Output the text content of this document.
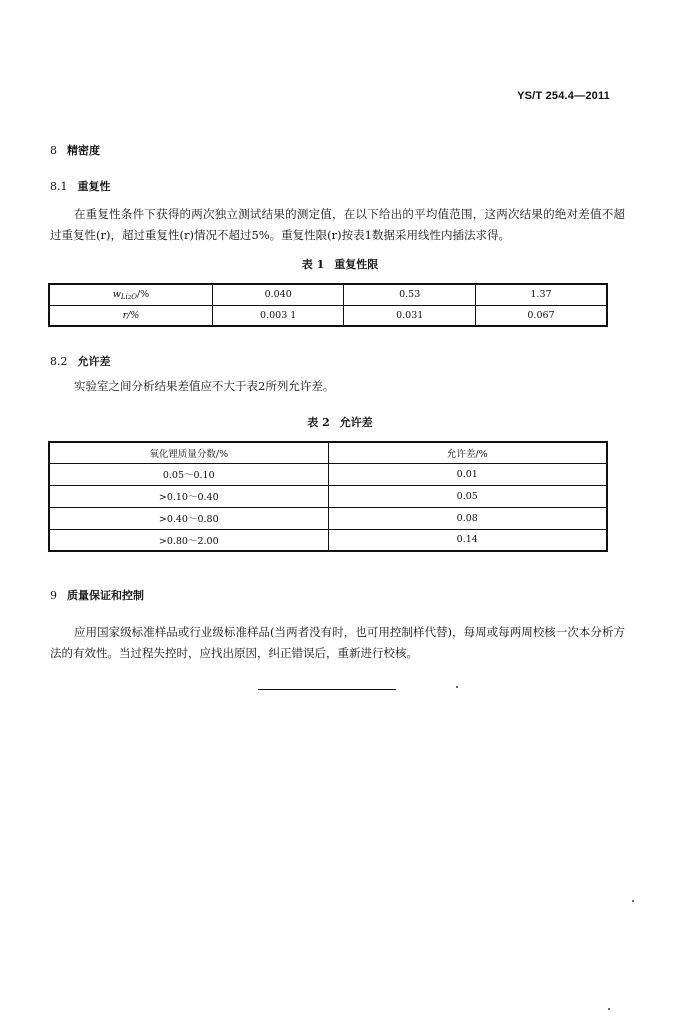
YS/T 254.4—2011
8 精密度
8.1 重复性

在重复性条件下获得的两次独立测试结果的测定值，在以下给出的平均值范围，这两次结果的绝对差值不超过重复性(r)，超过重复性(r)情况不超过5%。重复性限(r)按表1数据采用线性内插法求得。

表 1 重复性限
$w_{Li2O}/\%$	0.040	0.53	1.37
r/%	0.003 1	0.031	0.067
8.2 允许差

实验室之间分析结果差值应不大于表2所列允许差。

表 2 允许差
氧化锂质量分数/%	允许差/%
0.05～0.10	0.01
>0.10～0.40	0.05
>0.40～0.80	0.08
>0.80～2.00	0.14
9 质量保证和控制

应用国家级标准样品或行业级标准样品(当两者没有时，也可用控制样代替)，每周或每两周校核一次本分析方法的有效性。当过程失控时，应找出原因，纠正错误后，重新进行校核。
